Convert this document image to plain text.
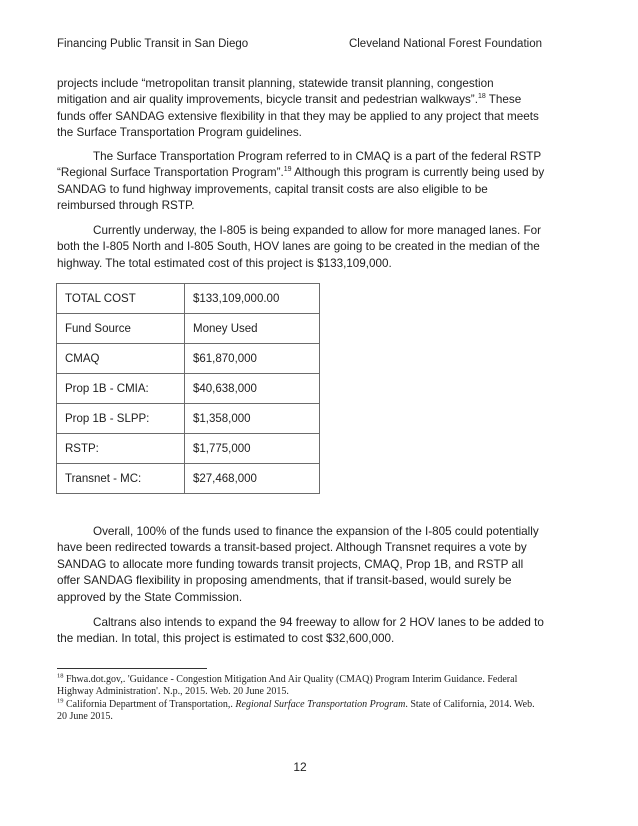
Financing Public Transit in San Diego	Cleveland National Forest Foundation

projects include “metropolitan transit planning, statewide transit planning, congestion mitigation and air quality improvements, bicycle transit and pedestrian walkways”.$^{18}$ These funds offer SANDAG extensive flexibility in that they may be applied to any project that meets the Surface Transportation Program guidelines.

The Surface Transportation Program referred to in CMAQ is a part of the federal RSTP “Regional Surface Transportation Program”.$^{19}$ Although this program is currently being used by SANDAG to fund highway improvements, capital transit costs are also eligible to be reimbursed through RSTP.

Currently underway, the I-805 is being expanded to allow for more managed lanes. For both the I-805 North and I-805 South, HOV lanes are going to be created in the median of the highway. The total estimated cost of this project is $133,109,000.

TOTAL COST	$133,109,000.00
Fund Source	Money Used
CMAQ	$61,870,000
Prop 1B - CMIA:	$40,638,000
Prop 1B - SLPP:	$1,358,000
RSTP:	$1,775,000
Transnet - MC:	$27,468,000

Overall, 100% of the funds used to finance the expansion of the I-805 could potentially have been redirected towards a transit-based project. Although Transnet requires a vote by SANDAG to allocate more funding towards transit projects, CMAQ, Prop 1B, and RSTP all offer SANDAG flexibility in proposing amendments, that if transit-based, would surely be approved by the State Commission.

Caltrans also intends to expand the 94 freeway to allow for 2 HOV lanes to be added to the median. In total, this project is estimated to cost $32,600,000.

$^{18}$ Fhwa.dot.gov,. 'Guidance - Congestion Mitigation And Air Quality (CMAQ) Program Interim Guidance. Federal Highway Administration'. N.p., 2015. Web. 20 June 2015.

$^{19}$ California Department of Transportation,. Regional Surface Transportation Program. State of California, 2014. Web. 20 June 2015.

12
